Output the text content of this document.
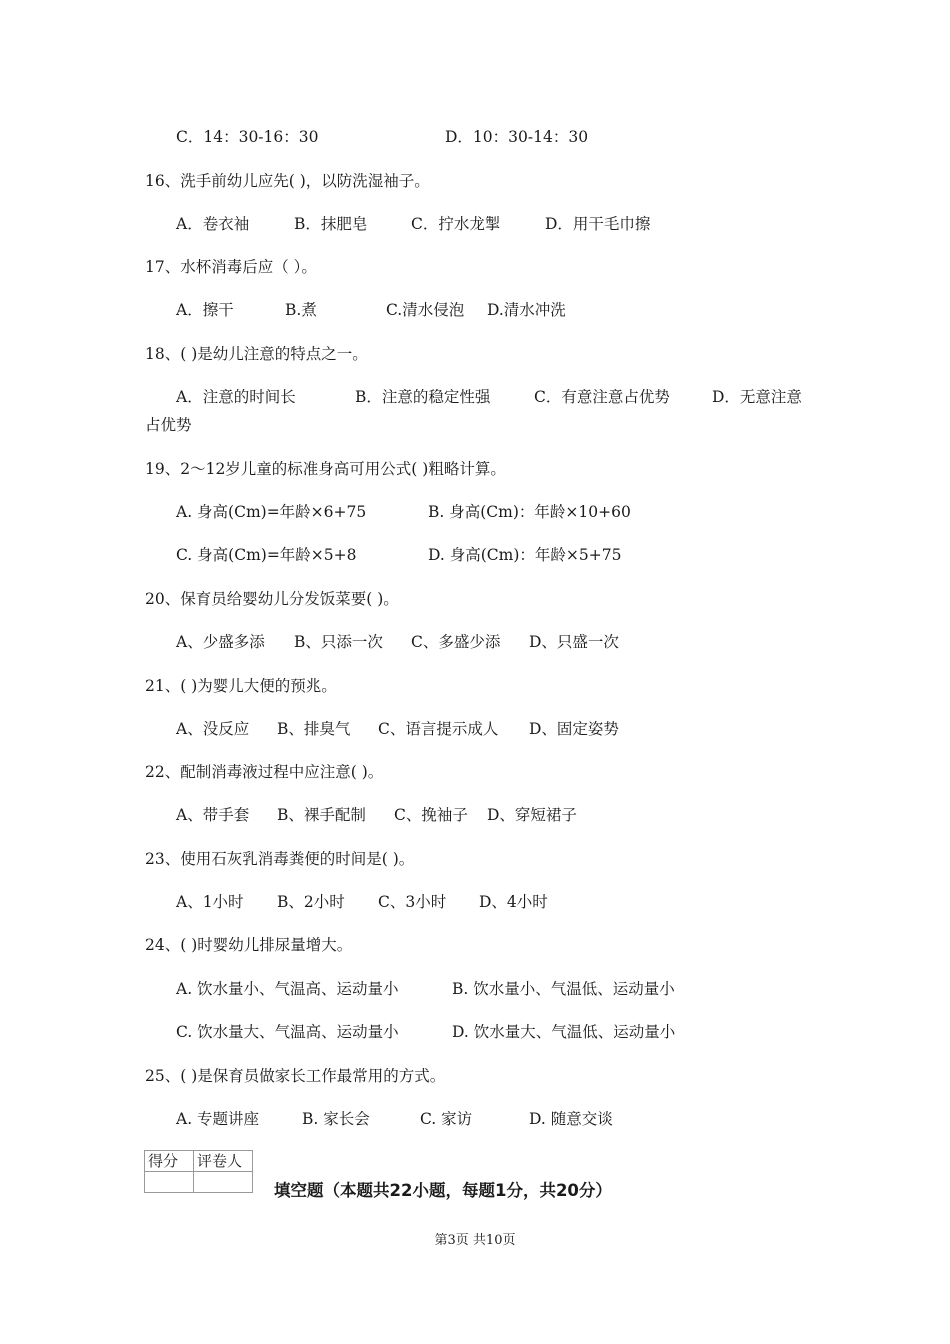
C．14：30-16：30	D．10：30-14：30
16、洗手前幼儿应先( )，以防洗湿袖子。
A．卷衣袖	B．抹肥皂	C．拧水龙掣	D．用干毛巾擦
17、水杯消毒后应（ ）。
A．擦干	B.煮	C.清水侵泡 D.清水冲洗
18、( )是幼儿注意的特点之一。
A．注意的时间长	B．注意的稳定性强	C．有意注意占优势	D．无意注意
占优势
19、2～12岁儿童的标准身高可用公式( )粗略计算。
A. 身高(Cm)=年龄×6+75	B. 身高(Cm)：年龄×10+60
C. 身高(Cm)=年龄×5+8	D. 身高(Cm)：年龄×5+75
20、保育员给婴幼儿分发饭菜要( )。
A、少盛多添 B、只添一次 C、多盛少添 D、只盛一次
21、( )为婴儿大便的预兆。
A、没反应 B、排臭气 C、语言提示成人 D、固定姿势
22、配制消毒液过程中应注意( )。
A、带手套 B、裸手配制 C、挽袖子 D、穿短裙子
23、使用石灰乳消毒粪便的时间是( )。
A、1小时 B、2小时 C、3小时 D、4小时
24、( )时婴幼儿排尿量增大。
A. 饮水量小、气温高、运动量小	B. 饮水量小、气温低、运动量小
C. 饮水量大、气温高、运动量小	D. 饮水量大、气温低、运动量小
25、( )是保育员做家长工作最常用的方式。
A. 专题讲座	B. 家长会	C. 家访	D. 随意交谈
得分	评卷人

填空题（本题共22小题，每题1分，共20分）
第3页 共10页
